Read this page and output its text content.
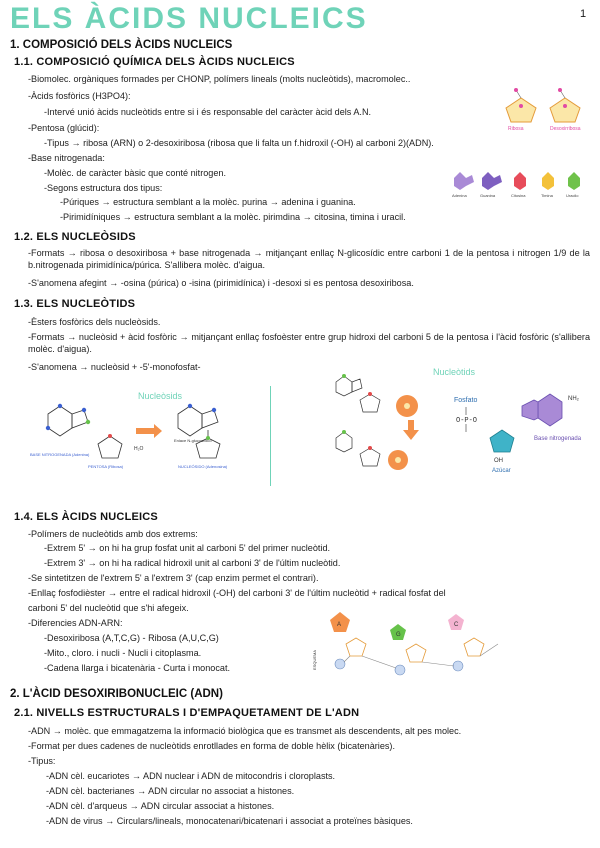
ELS ÀCIDS NUCLEICS	1
1. COMPOSICIÓ DELS ÀCIDS NUCLEICS
1.1. COMPOSICIÓ QUÍMICA DELS ÀCIDS NUCLEICS
-Biomolec. orgàniques formades per CHONP, polímers lineals (molts nucleòtids), macromolec..
-Àcids fosfòrics (H3PO4):
-Intervé unió àcids nucleòtids entre si i és responsable del caràcter àcid dels A.N.
-Pentosa (glúcid):
-Tipus → ribosa (ARN) o 2-desoxiribosa (ribosa que li falta un f.hidroxil (-OH) al carboni 2)(ADN).
-Base nitrogenada:
-Molèc. de caràcter bàsic que conté nitrogen.
-Segons estructura dos tipus:
-Púriques → estructura semblant a la molèc. purina → adenina i guanina.
-Pirimidíniques → estructura semblant a la molèc. pirimdina → citosina, timina i uracil.
Ribosa	Desoxirribosa
Adenina	Guanina	Citosina	Timina	Uracilo
1.2. ELS NUCLEÒSIDS
-Formats → ribosa o desoxiribosa + base nitrogenada → mitjançant enllaç N-glicosídic entre carboni 1 de la pentosa i nitrogen 1/9 de la b.nitrogenada pirimidínica/púrica. S'allibera molèc. d'aigua.
-S'anomena afegint → -osina (púrica) o -isina (pirimidínica) i -desoxi si es pentosa desoxiribosa.
1.3. ELS NUCLEÒTIDS
-Èsters fosfòrics dels nucleòsids.
-Formats → nucleòsid + àcid fosfòric → mitjançant enllaç fosfoèster entre grup hidroxi del carboni 5 de la pentosa i l'àcid fosfòric (s'allibera molèc. d'aigua).
-S'anomena → nucleòsid + -5'-monofosfat-
Nucleòsids
H₂O
Enlace N-glucosídico
BASE NITROGENADA (Adenina)
PENTOSA (Ribosa)	NUCLEÓSIDO (Adenosina)
Nucleòtids
Fosfato
O-P-O
NH₂
Base nitrogenada
OH
Azúcar
1.4. ELS ÀCIDS NUCLEICS
-Polímers de nucleòtids amb dos extrems:
-Extrem 5' → on hi ha grup fosfat unit al carboni 5' del primer nucleòtid.
-Extrem 3' → on hi ha radical hidroxil unit al carboni 3' de l'últim nucleòtid.
-Se sintetitzen de l'extrem 5' a l'extrem 3' (cap enzim permet el contrari).
-Enllaç fosfodièster → entre el radical hidroxil (-OH) del carboni 3' de l'últim nucleòtid + radical fosfat del
carboni 5' del nucleòtid que s'hi afegeix.
-Diferencies ADN-ARN:
-Desoxiribosa (A,T,C,G) - Ribosa (A,U,C,G)
-Mito., cloro. i nucli - Nucli i citoplasma.
-Cadena llarga i bicatenària - Curta i monocat.	ESQUEMA
A
G
C
2. L'ÀCID DESOXIRIBONUCLEIC (ADN)
2.1. NIVELLS ESTRUCTURALS I D'EMPAQUETAMENT DE L'ADN
-ADN → molèc. que emmagatzema la informació biològica que es transmet als descendents, alt pes molec.
-Format per dues cadenes de nucleòtids enrotllades en forma de doble hèlix (bicatenàries).
-Tipus:
-ADN cèl. eucariotes → ADN nuclear i ADN de mitocondris i cloroplasts.
-ADN cèl. bacterianes → ADN circular no associat a histones.
-ADN cèl. d'arqueus → ADN circular associat a histones.
-ADN de virus → Circulars/lineals, monocatenari/bicatenari i associat a proteïnes bàsiques.
